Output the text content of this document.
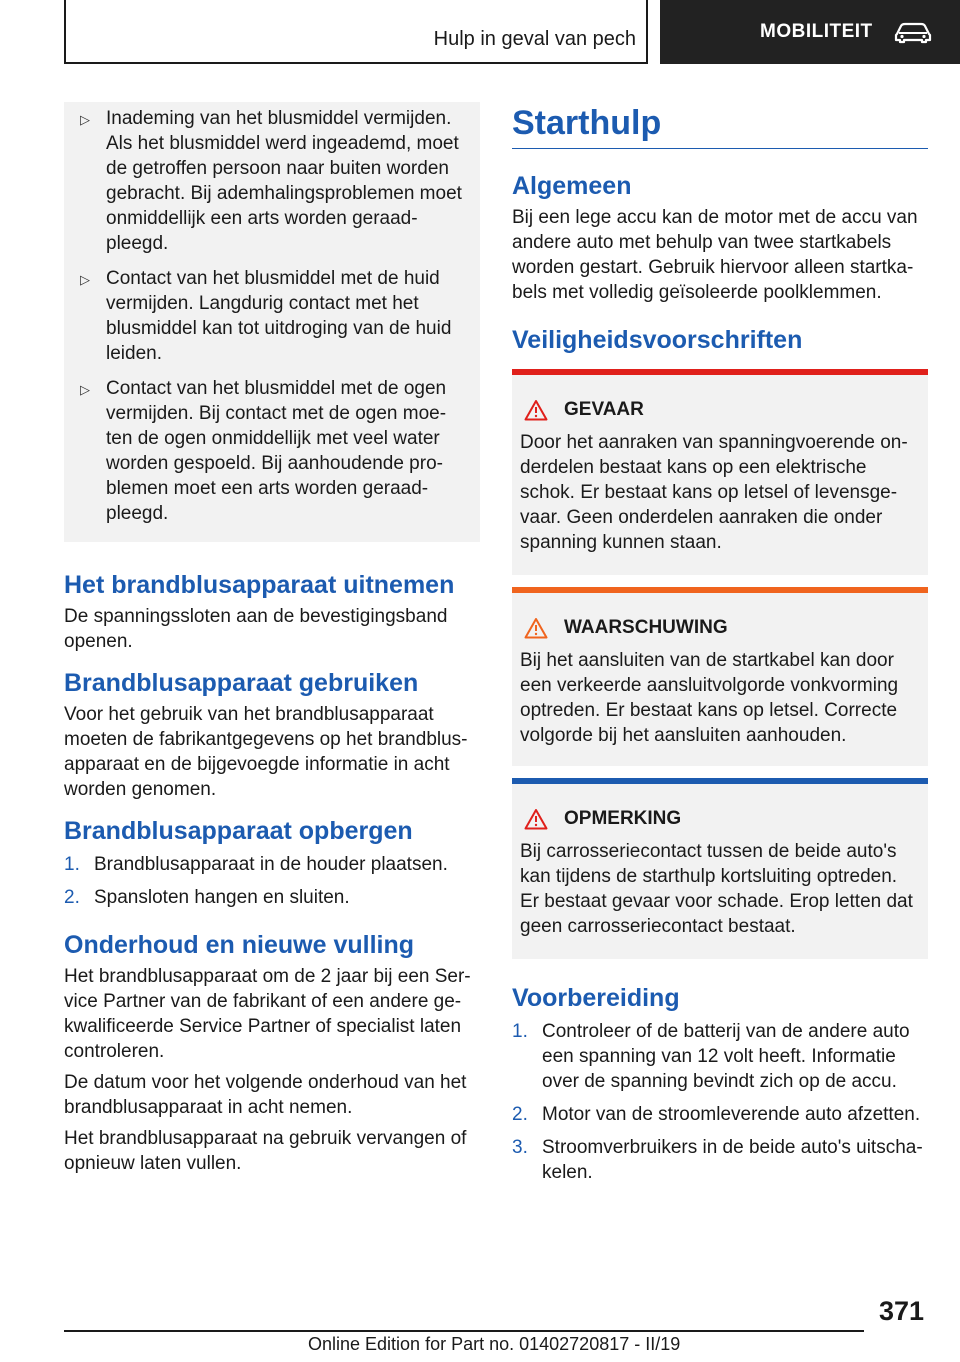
Hulp in geval van pech	MOBILITEIT
▷ Inademing van het blusmiddel vermijden. Als het blusmiddel werd ingeademd, moet de getroffen persoon naar buiten worden gebracht. Bij ademhalingsproblemen moet onmiddellijk een arts worden geraad-pleegd.
▷ Contact van het blusmiddel met de huid vermijden. Langdurig contact met het blusmiddel kan tot uitdroging van de huid leiden.
▷ Contact van het blusmiddel met de ogen vermijden. Bij contact met de ogen moe-ten de ogen onmiddellijk met veel water worden gespoeld. Bij aanhoudende pro-blemen moet een arts worden geraad-pleegd.
Het brandblusapparaat uitnemen
De spanningssloten aan de bevestigingsband openen.
Brandblusapparaat gebruiken
Voor het gebruik van het brandblusapparaat moeten de fabrikantgegevens op het brandblus-apparaat en de bijgevoegde informatie in acht worden genomen.
Brandblusapparaat opbergen
1. Brandblusapparaat in de houder plaatsen.
2. Spansloten hangen en sluiten.
Onderhoud en nieuwe vulling
Het brandblusapparaat om de 2 jaar bij een Ser-vice Partner van de fabrikant of een andere ge-kwalificeerde Service Partner of specialist laten controleren.
De datum voor het volgende onderhoud van het brandblusapparaat in acht nemen.
Het brandblusapparaat na gebruik vervangen of opnieuw laten vullen.
Starthulp
Algemeen
Bij een lege accu kan de motor met de accu van andere auto met behulp van twee startkabels worden gestart. Gebruik hiervoor alleen startka-bels met volledig geïsoleerde poolklemmen.
Veiligheidsvoorschriften
GEVAAR
Door het aanraken van spanningvoerende on-derdelen bestaat kans op een elektrische schok. Er bestaat kans op letsel of levensge-vaar. Geen onderdelen aanraken die onder spanning kunnen staan.
WAARSCHUWING
Bij het aansluiten van de startkabel kan door een verkeerde aansluitvolgorde vonkvorming optreden. Er bestaat kans op letsel. Correcte volgorde bij het aansluiten aanhouden.
OPMERKING
Bij carrosseriecontact tussen de beide auto's kan tijdens de starthulp kortsluiting optreden. Er bestaat gevaar voor schade. Erop letten dat geen carrosseriecontact bestaat.
Voorbereiding
1. Controleer of de batterij van de andere auto een spanning van 12 volt heeft. Informatie over de spanning bevindt zich op de accu.
2. Motor van de stroomleverende auto afzetten.
3. Stroomverbruikers in de beide auto's uitscha-kelen.
371
Online Edition for Part no. 01402720817 - II/19
